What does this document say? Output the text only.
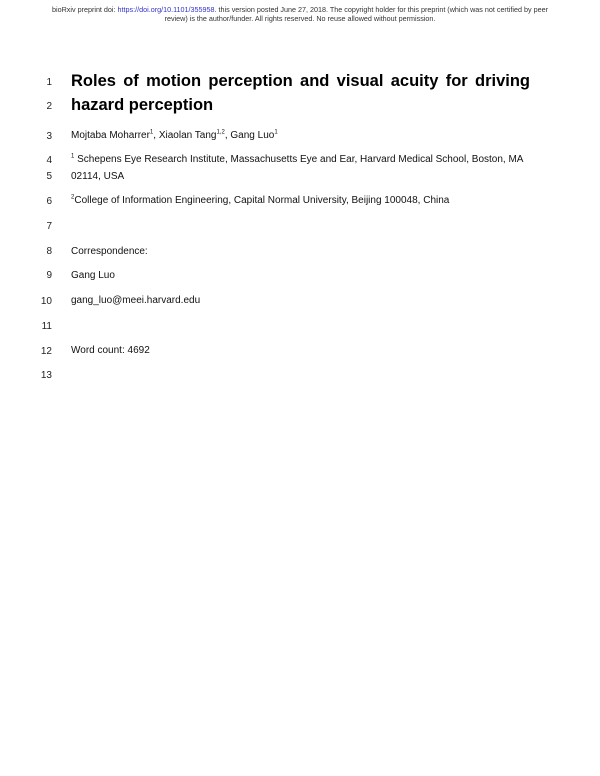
bioRxiv preprint doi: https://doi.org/10.1101/355958. this version posted June 27, 2018. The copyright holder for this preprint (which was not certified by peer review) is the author/funder. All rights reserved. No reuse allowed without permission.
1
2
3
4
5
6
7
8
9
10
11
12
13
Roles of motion perception and visual acuity for driving
hazard perception
Mojtaba Moharrer$^1$, Xiaolan Tang$^{1,2}$, Gang Luo$^1$
$^1$ Schepens Eye Research Institute, Massachusetts Eye and Ear, Harvard Medical School, Boston, MA
02114, USA
$^2$College of Information Engineering, Capital Normal University, Beijing 100048, China
Correspondence:
Gang Luo
gang_luo@meei.harvard.edu
Word count: 4692
